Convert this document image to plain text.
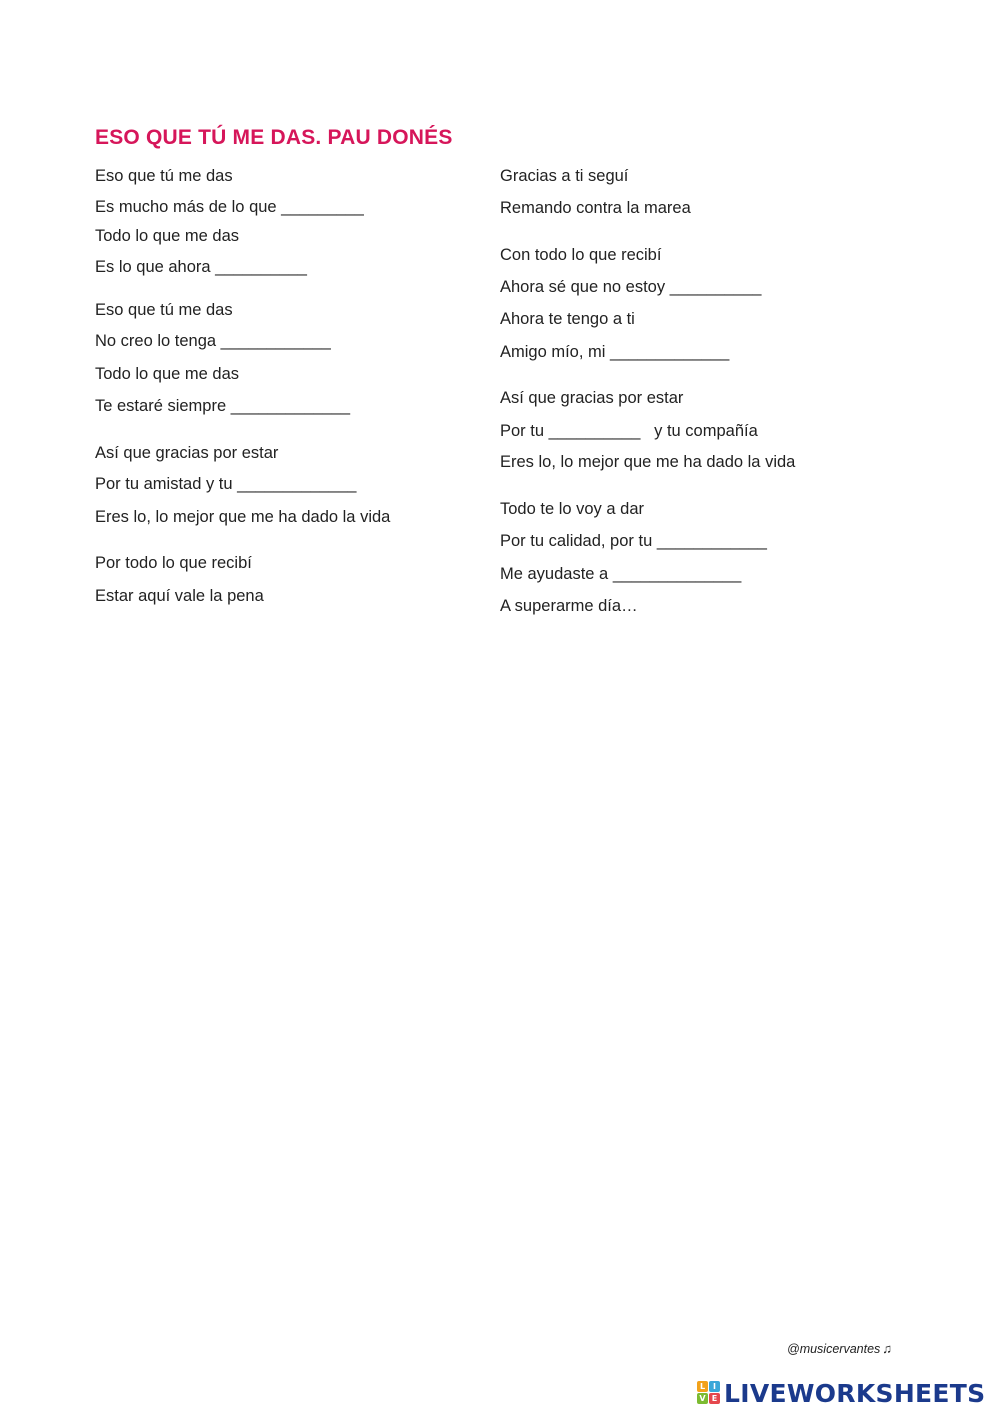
ESO QUE TÚ ME DAS. PAU DONÉS
Eso que tú me das
Es mucho más de lo que _________
Todo lo que me das
Es lo que ahora __________
Eso que tú me das
No creo lo tenga ____________
Todo lo que me das
Te estaré siempre _____________
Así que gracias por estar
Por tu amistad y tu _____________
Eres lo, lo mejor que me ha dado la vida
Por todo lo que recibí
Estar aquí vale la pena
Gracias a ti seguí
Remando contra la marea
Con todo lo que recibí
Ahora sé que no estoy __________
Ahora te tengo a ti
Amigo mío, mi _____________
Así que gracias por estar
Por tu __________   y tu compañía
Eres lo, lo mejor que me ha dado la vida
Todo te lo voy a dar
Por tu calidad, por tu ____________
Me ayudaste a ______________
A superarme día…
@musicervantes ♫
L I
V E LIVEWORKSHEETS
